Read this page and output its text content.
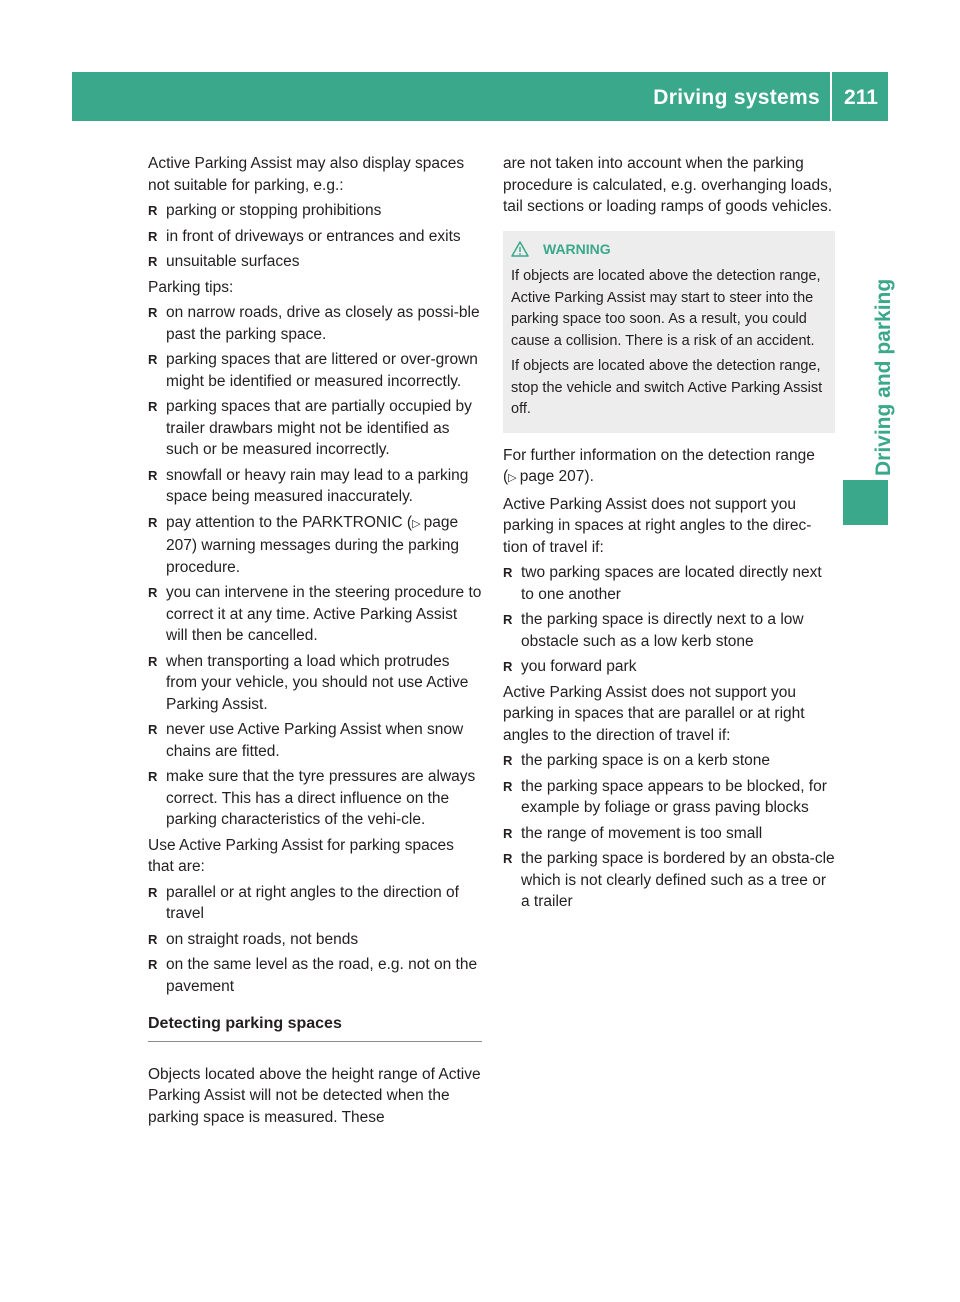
Driving systems	211
Driving and parking

Active Parking Assist may also display spaces not suitable for parking, e.g.:

R parking or stopping prohibitions
R in front of driveways or entrances and exits
R unsuitable surfaces

Parking tips:

R on narrow roads, drive as closely as possi-ble past the parking space.
R parking spaces that are littered or over-grown might be identified or measured incorrectly.
R parking spaces that are partially occupied by trailer drawbars might not be identified as such or be measured incorrectly.
R snowfall or heavy rain may lead to a parking space being measured inaccurately.
R pay attention to the PARKTRONIC (▷  page 207) warning messages during the parking procedure.
R you can intervene in the steering procedure to correct it at any time. Active Parking Assist will then be cancelled.
R when transporting a load which protrudes from your vehicle, you should not use Active Parking Assist.
R never use Active Parking Assist when snow chains are fitted.
R make sure that the tyre pressures are always correct. This has a direct influence on the parking characteristics of the vehi-cle.

Use Active Parking Assist for parking spaces that are:

R parallel or at right angles to the direction of travel
R on straight roads, not bends
R on the same level as the road, e.g. not on the pavement
Detecting parking spaces

Objects located above the height range of Active Parking Assist will not be detected when the parking space is measured. These

are not taken into account when the parking procedure is calculated, e.g. overhanging loads, tail sections or loading ramps of goods vehicles.

WARNING

If objects are located above the detection range, Active Parking Assist may start to steer into the parking space too soon. As a result, you could cause a collision. There is a risk of an accident.

If objects are located above the detection range, stop the vehicle and switch Active Parking Assist off.

For further information on the detection range (▷  page 207).

Active Parking Assist does not support you parking in spaces at right angles to the direc-tion of travel if:

R two parking spaces are located directly next to one another
R the parking space is directly next to a low obstacle such as a low kerb stone
R you forward park

Active Parking Assist does not support you parking in spaces that are parallel or at right angles to the direction of travel if:

R the parking space is on a kerb stone
R the parking space appears to be blocked, for example by foliage or grass paving blocks
R the range of movement is too small
R the parking space is bordered by an obsta-cle which is not clearly defined such as a tree or a trailer
